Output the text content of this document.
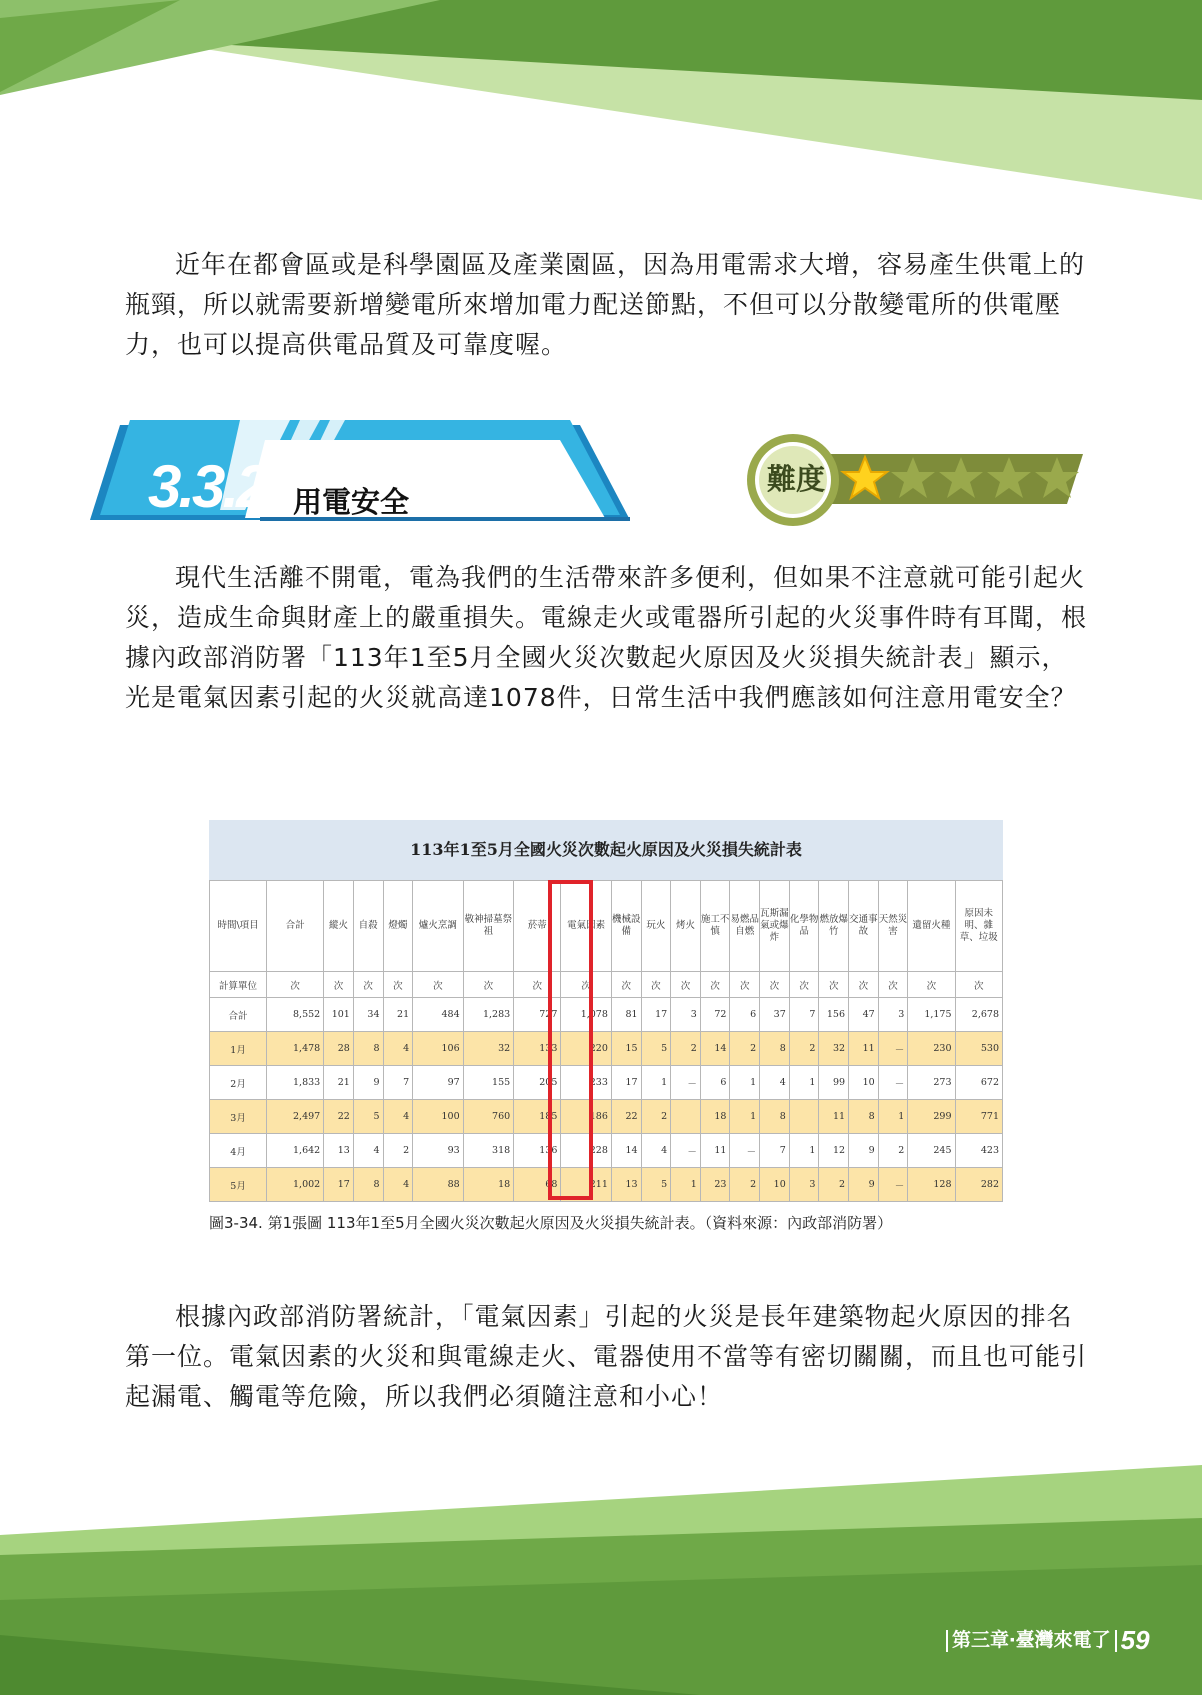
近年在都會區或是科學園區及產業園區，因為用電需求大增，容易產生供電上的瓶頸，所以就需要新增變電所來增加電力配送節點，不但可以分散變電所的供電壓力，也可以提高供電品質及可靠度喔。

3.3.2 用電安全
難度

現代生活離不開電，電為我們的生活帶來許多便利，但如果不注意就可能引起火災，造成生命與財產上的嚴重損失。電線走火或電器所引起的火災事件時有耳聞，根據內政部消防署「113年1至5月全國火災次數起火原因及火災損失統計表」顯示，光是電氣因素引起的火災就高達1078件，日常生活中我們應該如何注意用電安全？

113年1至5月全國火災次數起火原因及火災損失統計表
時間\項目	合計	縱火	自殺	燈燭	爐火烹調	敬神掃墓祭祖	菸蒂	電氣因素	機械設備	玩火	烤火	施工不慎	易燃品自燃	瓦斯漏氣或爆炸	化學物品	燃放爆竹	交通事故	天然災害	遺留火種	原因未明、雜草、垃圾
計算單位	次	次	次	次	次	次	次	次	次	次	次	次	次	次	次	次	次	次	次	次
合計	8,552	101	34	21	484	1,283	727	1,078	81	17	3	72	6	37	7	156	47	3	1,175	2,678
1月	1,478	28	8	4	106	32	133	220	15	5	2	14	2	8	2	32	11	－	230	530
2月	1,833	21	9	7	97	155	205	233	17	1	－	6	1	4	1	99	10	－	273	672
3月	2,497	22	5	4	100	760	185	186	22	2		18	1	8		11	8	1	299	771
4月	1,642	13	4	2	93	318	136	228	14	4	－	11	－	7	1	12	9	2	245	423
5月	1,002	17	8	4	88	18	68	211	13	5	1	23	2	10	3	2	9	－	128	282

圖3-34. 第1張圖 113年1至5月全國火災次數起火原因及火災損失統計表。（資料來源：內政部消防署）

根據內政部消防署統計，「電氣因素」引起的火災是長年建築物起火原因的排名第一位。電氣因素的火災和與電線走火、電器使用不當等有密切關關，而且也可能引起漏電、觸電等危險，所以我們必須隨注意和小心！

第三章‧臺灣來電了 59
